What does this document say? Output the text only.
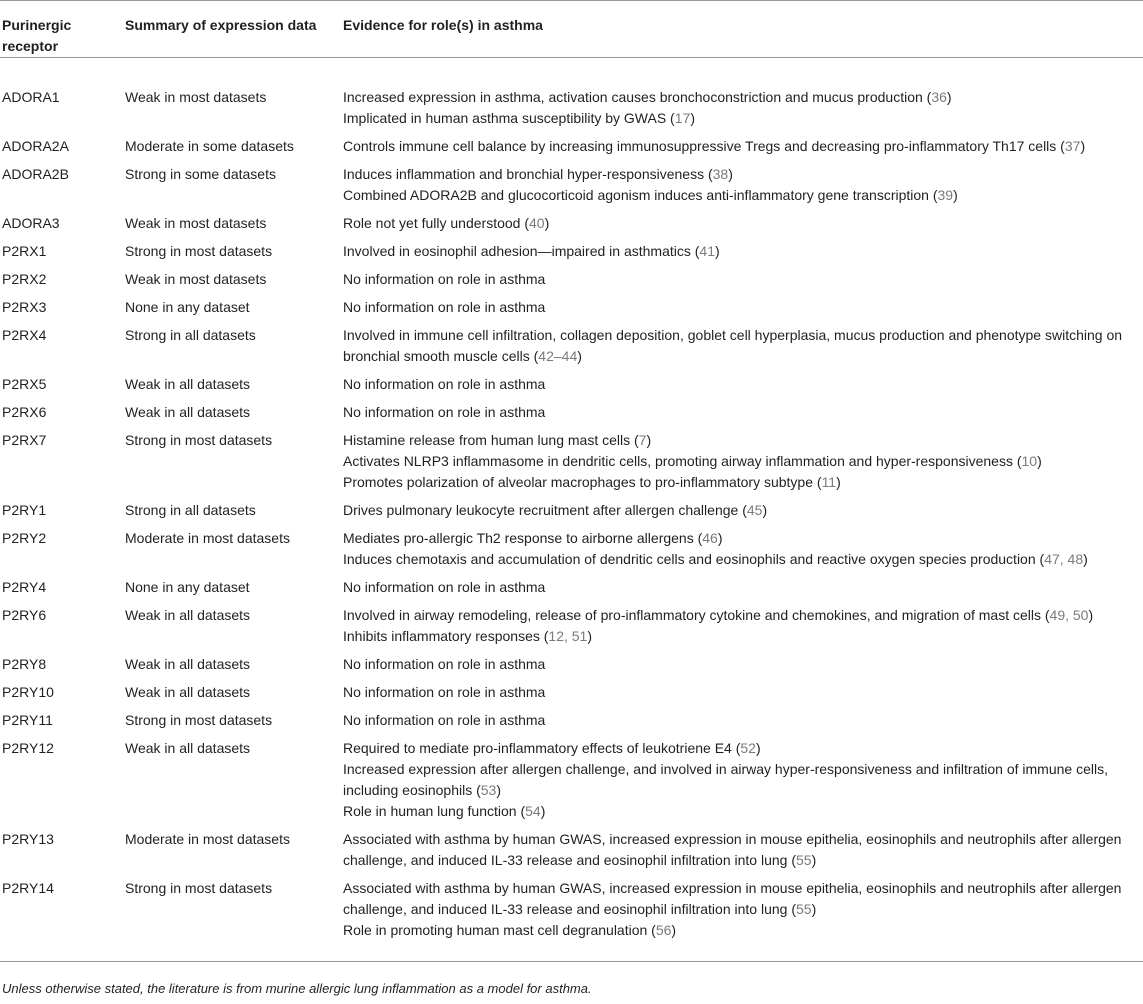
Purinergic receptor	Summary of expression data	Evidence for role(s) in asthma
ADORA1	Weak in most datasets	Increased expression in asthma, activation causes bronchoconstriction and mucus production (36)
Implicated in human asthma susceptibility by GWAS (17)

ADORA2A	Moderate in some datasets	Controls immune cell balance by increasing immunosuppressive Tregs and decreasing pro-inflammatory Th17 cells (37)

ADORA2B	Strong in some datasets	Induces inflammation and bronchial hyper-responsiveness (38)
Combined ADORA2B and glucocorticoid agonism induces anti-inflammatory gene transcription (39)

ADORA3	Weak in most datasets	Role not yet fully understood (40)

P2RX1	Strong in most datasets	Involved in eosinophil adhesion—impaired in asthmatics (41)

P2RX2	Weak in most datasets	No information on role in asthma

P2RX3	None in any dataset	No information on role in asthma

P2RX4	Strong in all datasets	Involved in immune cell infiltration, collagen deposition, goblet cell hyperplasia, mucus production and phenotype switching on bronchial smooth muscle cells (42–44)

P2RX5	Weak in all datasets	No information on role in asthma

P2RX6	Weak in all datasets	No information on role in asthma

P2RX7	Strong in most datasets	Histamine release from human lung mast cells (7)
Activates NLRP3 inflammasome in dendritic cells, promoting airway inflammation and hyper-responsiveness (10)
Promotes polarization of alveolar macrophages to pro-inflammatory subtype (11)

P2RY1	Strong in all datasets	Drives pulmonary leukocyte recruitment after allergen challenge (45)

P2RY2	Moderate in most datasets	Mediates pro-allergic Th2 response to airborne allergens (46)
Induces chemotaxis and accumulation of dendritic cells and eosinophils and reactive oxygen species production (47, 48)

P2RY4	None in any dataset	No information on role in asthma

P2RY6	Weak in all datasets	Involved in airway remodeling, release of pro-inflammatory cytokine and chemokines, and migration of mast cells (49, 50)
Inhibits inflammatory responses (12, 51)

P2RY8	Weak in all datasets	No information on role in asthma

P2RY10	Weak in all datasets	No information on role in asthma

P2RY11	Strong in most datasets	No information on role in asthma

P2RY12	Weak in all datasets	Required to mediate pro-inflammatory effects of leukotriene E4 (52)
Increased expression after allergen challenge, and involved in airway hyper-responsiveness and infiltration of immune cells, including eosinophils (53)
Role in human lung function (54)

P2RY13	Moderate in most datasets	Associated with asthma by human GWAS, increased expression in mouse epithelia, eosinophils and neutrophils after allergen challenge, and induced IL-33 release and eosinophil infiltration into lung (55)

P2RY14	Strong in most datasets	Associated with asthma by human GWAS, increased expression in mouse epithelia, eosinophils and neutrophils after allergen challenge, and induced IL-33 release and eosinophil infiltration into lung (55)
Role in promoting human mast cell degranulation (56)
Unless otherwise stated, the literature is from murine allergic lung inflammation as a model for asthma.
